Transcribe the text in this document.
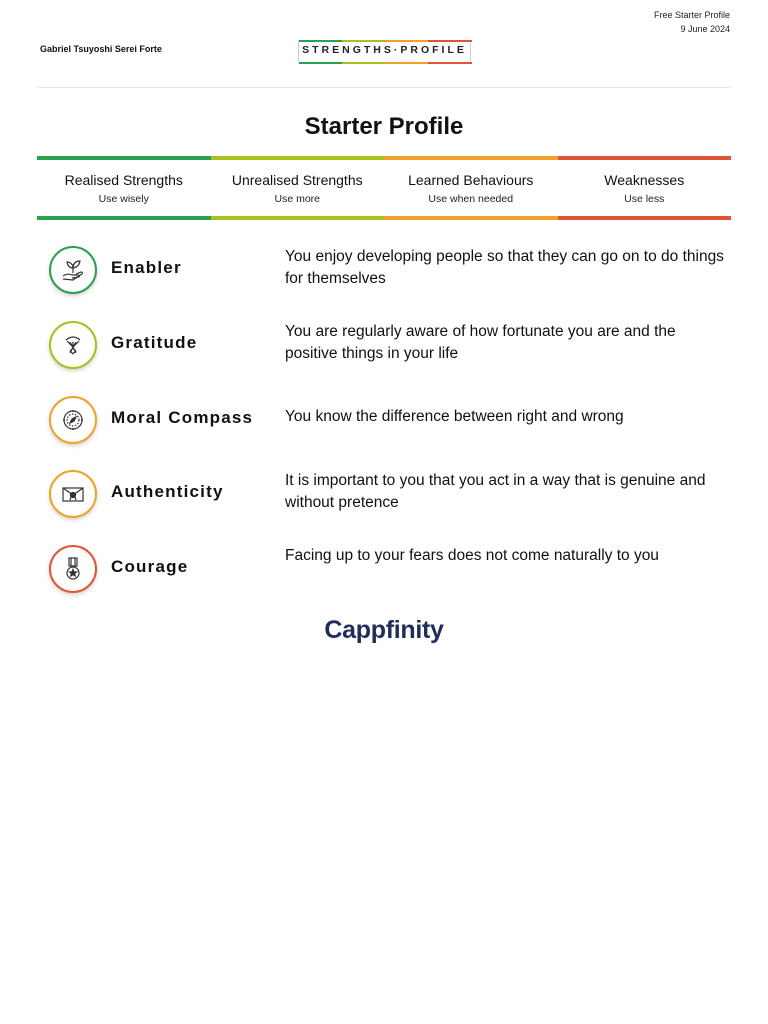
Gabriel Tsuyoshi Serei Forte	STRENGTHS·PROFILE
Free Starter Profile
9 June 2024
Starter Profile
Realised Strengths
Use wisely
Unrealised Strengths
Use more
Learned Behaviours
Use when needed
Weaknesses
Use less
Enabler
You enjoy developing people so that they can go on to do things for themselves
Gratitude
You are regularly aware of how fortunate you are and the positive things in your life
Moral Compass You know the difference between right and wrong
Authenticity
It is important to you that you act in a way that is genuine and without pretence
Courage
Facing up to your fears does not come naturally to you
Cappfinity
